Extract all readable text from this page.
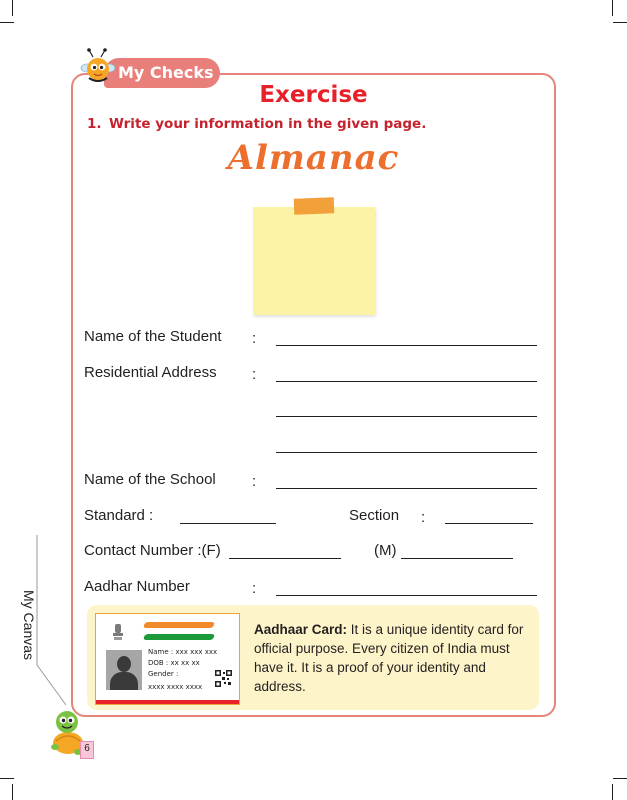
My Checks
Exercise
1. Write your information in the given page.
Almanac
Name of the Student :
Residential Address :
Name of the School :
Standard :	Section :
Contact Number :(F)	(M)
Aadhar Number	:
Name : xxx xxx xxx
DOB : xx xx xx
Gender :
xxxx xxxx xxxx
Aadhaar Card: It is a unique identity card for official purpose. Every citizen of India must have it. It is a proof of your identity and address.
My Canvas
6
